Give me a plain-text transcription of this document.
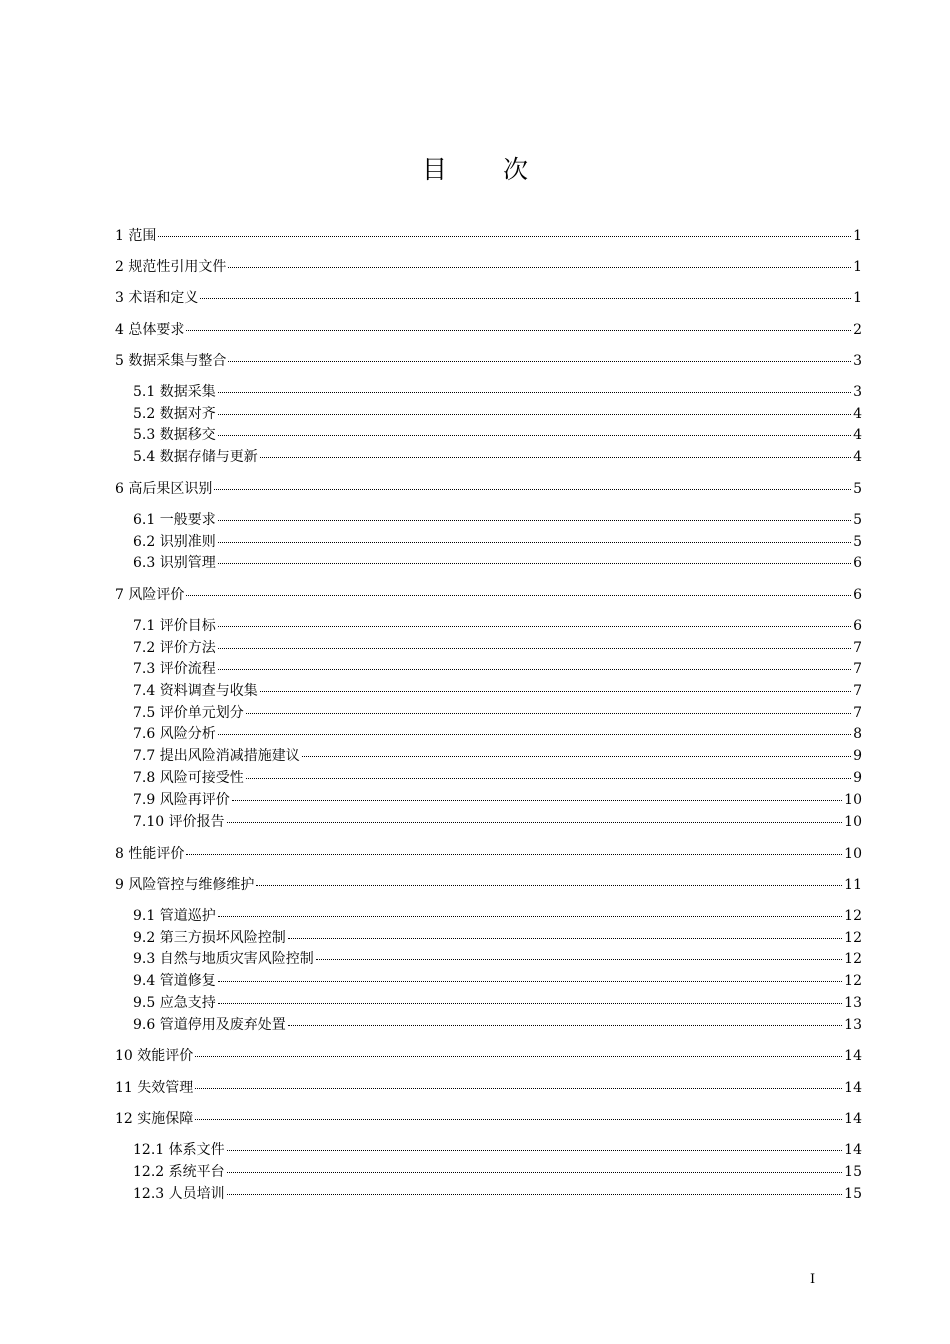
目 次
1 范围	1
2 规范性引用文件	1
3 术语和定义	1
4 总体要求	2
5 数据采集与整合	3
5.1 数据采集	3
5.2 数据对齐	4
5.3 数据移交	4
5.4 数据存储与更新	4
6 高后果区识别	5
6.1 一般要求	5
6.2 识别准则	5
6.3 识别管理	6
7 风险评价	6
7.1 评价目标	6
7.2 评价方法	7
7.3 评价流程	7
7.4 资料调查与收集	7
7.5 评价单元划分	7
7.6 风险分析	8
7.7 提出风险消减措施建议	9
7.8 风险可接受性	9
7.9 风险再评价	10
7.10 评价报告	10
8 性能评价	10
9 风险管控与维修维护	11
9.1 管道巡护	12
9.2 第三方损坏风险控制	12
9.3 自然与地质灾害风险控制	12
9.4 管道修复	12
9.5 应急支持	13
9.6 管道停用及废弃处置	13
10 效能评价	14
11 失效管理	14
12 实施保障	14
12.1 体系文件	14
12.2 系统平台	15
12.3 人员培训	15
I
